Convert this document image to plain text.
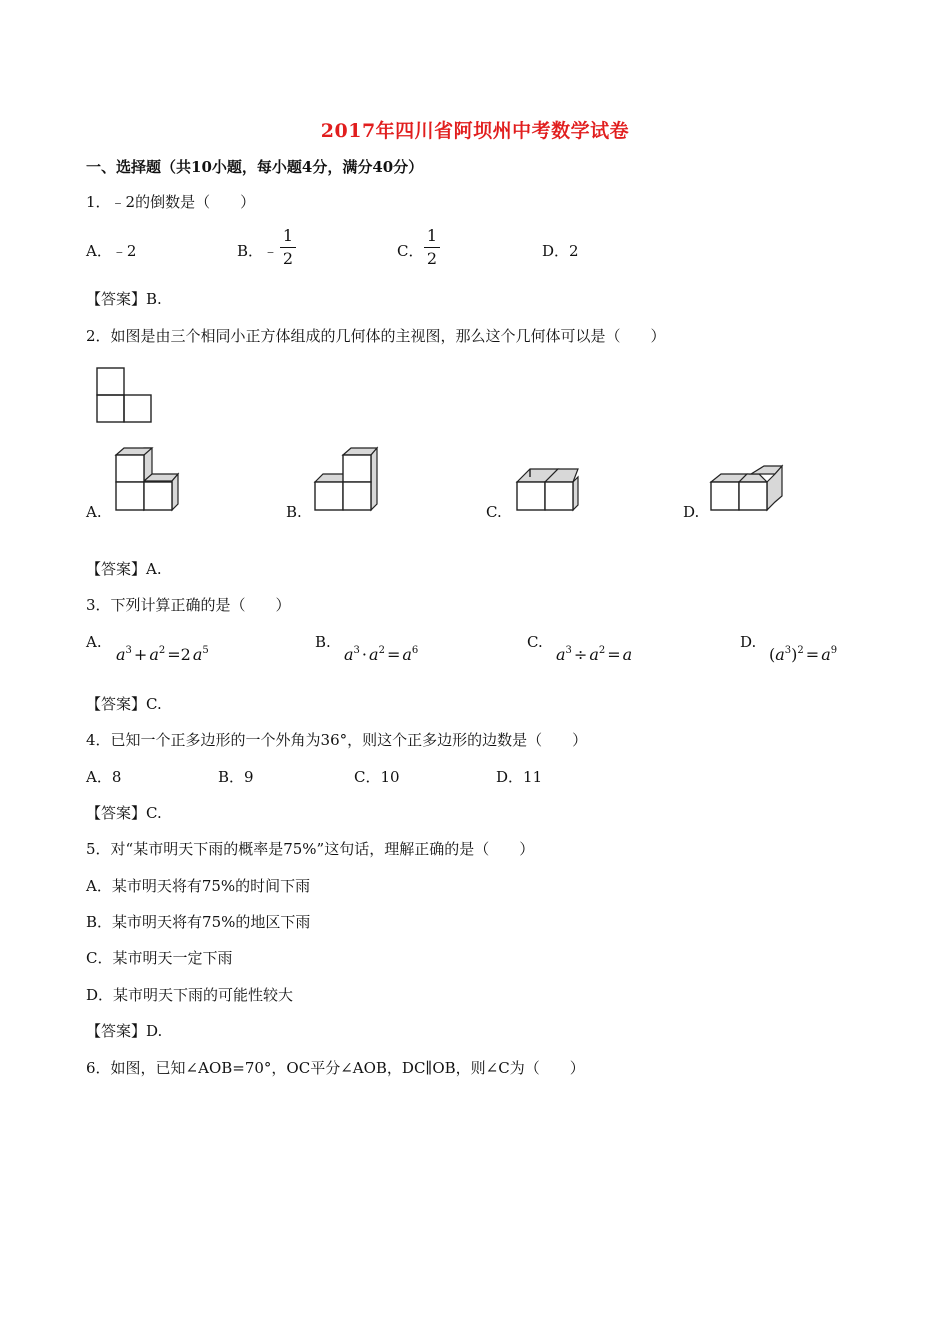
2017年四川省阿坝州中考数学试卷
一、选择题（共10小题，每小题4分，满分40分）
1．﹣2的倒数是（　　）
A．﹣2	B．﹣
1
2	C．
1
2	D．2
【答案】B.
2．如图是由三个相同小正方体组成的几何体的主视图，那么这个几何体可以是（　　）
A.	B.	C.	D.
【答案】A.
3．下列计算正确的是（　　）
A.
$a^3 + a^2 =2$ $a^5$	B.
$a^3 \cdot a^2 = a^6$	C.
$a^3 \div a^2 = a$
D.
$(a^3)^2 = a^9$
【答案】C.
4．已知一个正多边形的一个外角为36°，则这个正多边形的边数是（　　）
A．8	B．9	C．10	D．11
【答案】C.
5．对“某市明天下雨的概率是75%”这句话，理解正确的是（　　）
A．某市明天将有75%的时间下雨
B．某市明天将有75%的地区下雨
C．某市明天一定下雨
D．某市明天下雨的可能性较大
【答案】D.
6．如图，已知∠AOB=70°，OC平分∠AOB，DC∥OB，则∠C为（　　）
